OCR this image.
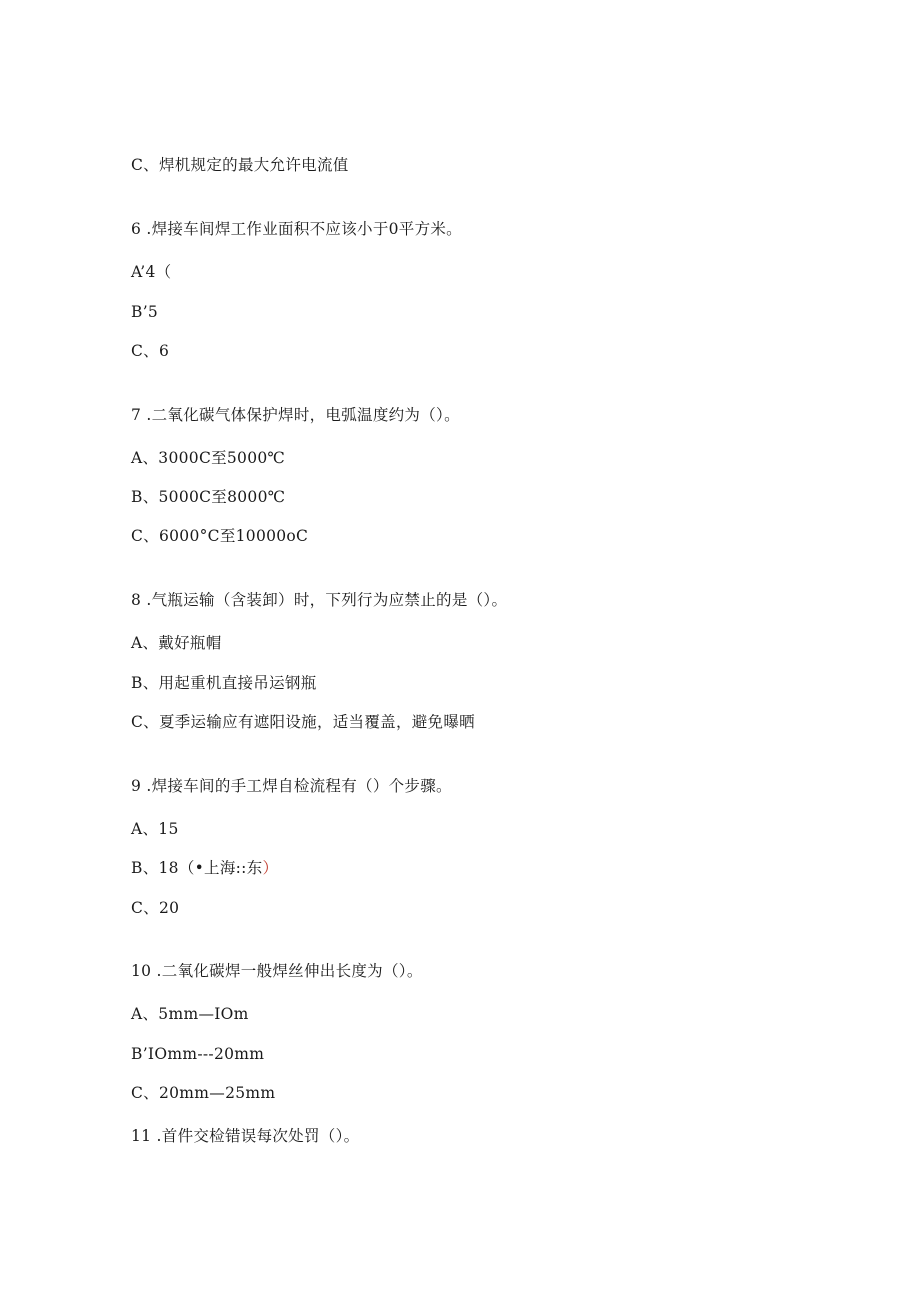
C、焊机规定的最大允许电流值
6 .焊接车间焊工作业面积不应该小于0平方米。
A’4（
B’5
C、6
7 .二氧化碳气体保护焊时，电弧温度约为（）。
A、3000C至5000℃
B、5000C至8000℃
C、6000°C至10000oC
8 .气瓶运输（含装卸）时，下列行为应禁止的是（）。
A、戴好瓶帽
B、用起重机直接吊运钢瓶
C、夏季运输应有遮阳设施，适当覆盖，避免曝晒
9 .焊接车间的手工焊自检流程有（）个步骤。
A、15
B、18（•上海::东）
C、20
10 .二氧化碳焊一般焊丝伸出长度为（）。
A、5mm—IOm
B’IOmm---20mm
C、20mm—25mm
11 .首件交检错误每次处罚（）。
